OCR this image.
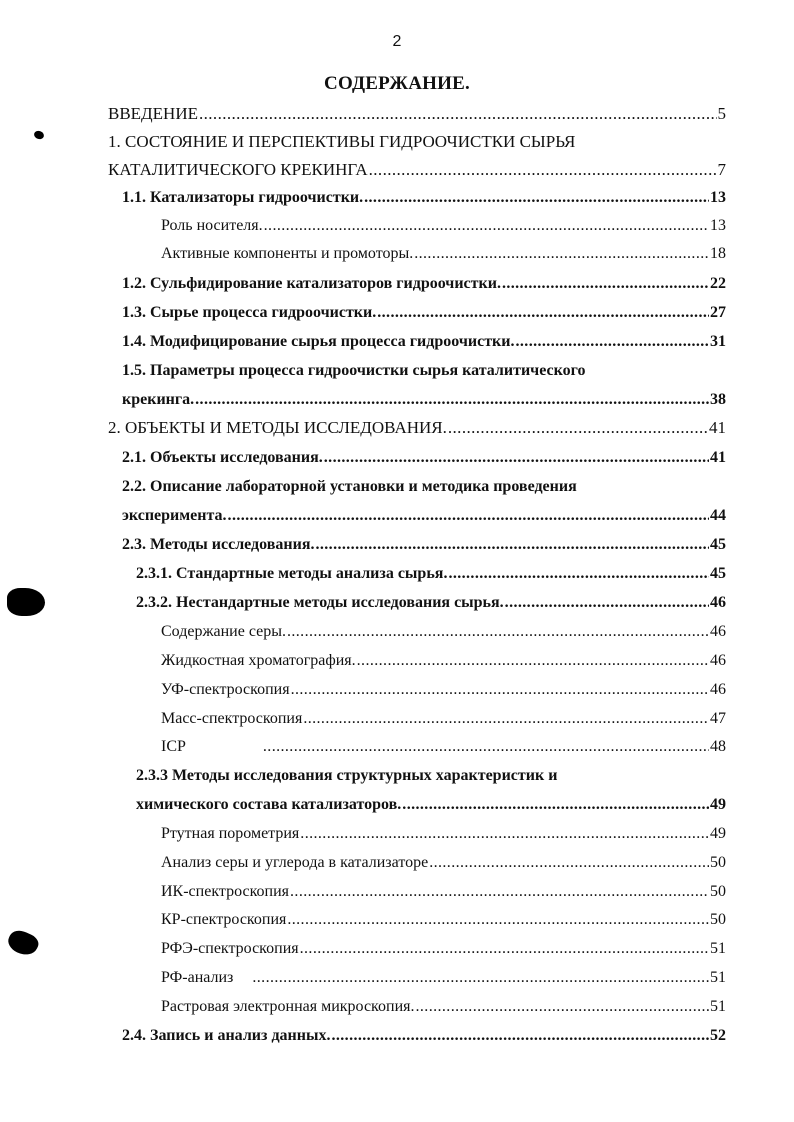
2
СОДЕРЖАНИЕ.
ВВЕДЕНИЕ .....	5
1. СОСТОЯНИЕ И ПЕРСПЕКТИВЫ ГИДРООЧИСТКИ СЫРЬЯ
КАТАЛИТИЧЕСКОГО КРЕКИНГА .....	7
1.1. Катализаторы гидроочистки. .....	13
Роль носителя. .....	13
Активные компоненты и промоторы. .....	18
1.2. Сульфидирование катализаторов гидроочистки. .....	22
1.3. Сырье процесса гидроочистки. .....	27
1.4. Модифицирование сырья процесса гидроочистки. .....	31
1.5. Параметры процесса гидроочистки сырья каталитического
крекинга. .....	38
2. ОБЪЕКТЫ И МЕТОДЫ ИССЛЕДОВАНИЯ. .....	41
2.1. Объекты исследования. .....	41
2.2. Описание лабораторной установки и методика проведения
эксперимента. .....	44
2.3. Методы исследования. .....	45
2.3.1. Стандартные методы анализа сырья. .....	45
2.3.2. Нестандартные методы исследования сырья. .....	46
Содержание серы. .....	46
Жидкостная хроматография. .....	46
УФ-спектроскопия .....	46
Масс-спектроскопия .....	47
ICP .....	48
2.3.3 Методы исследования структурных характеристик и
химического состава катализаторов. .....	49
Ртутная порометрия .....	49
Анализ серы и углерода в катализаторе .....	50
ИК-спектроскопия .....	50
КР-спектроскопия .....	50
РФЭ-спектроскопия .....	51
РФ-анализ .....	51
Растровая электронная микроскопия. .....	51
2.4. Запись и анализ данных. .....	52
